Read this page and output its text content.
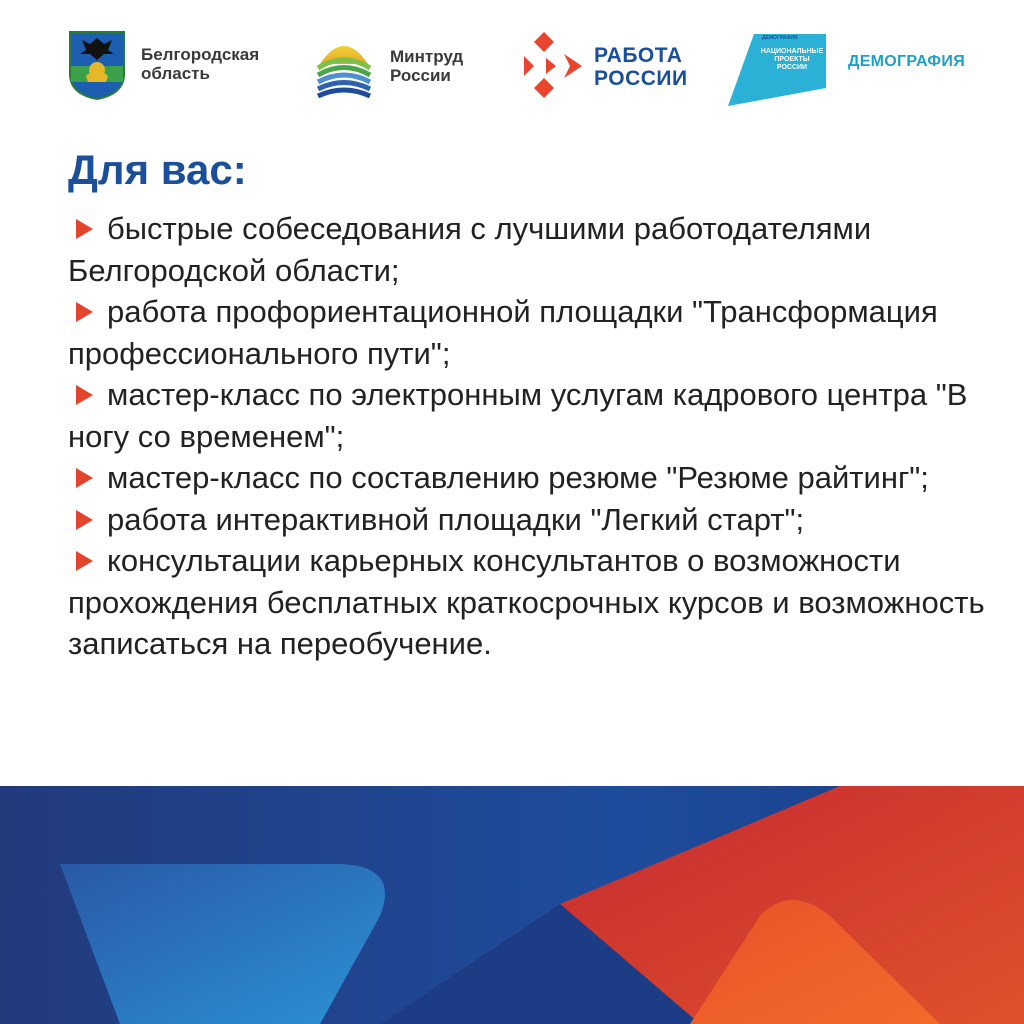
Белгородская
область
Минтруд
России
РАБОТА
РОССИИ
ДЕМОГРАФИЯ
НАЦИОНАЛЬНЫЕ
ПРОЕКТЫ
РОССИИ	ДЕМОГРАФИЯ
Для вас:
быстрые собеседования с лучшими работодателями Белгородской области;
работа профориентационной площадки "Трансформация профессионального пути";
мастер-класс по электронным услугам кадрового центра "В ногу со временем";
мастер-класс по составлению резюме "Резюме райтинг";
работа интерактивной площадки "Легкий старт";
консультации карьерных консультантов о возможности прохождения бесплатных краткосрочных курсов и возможность записаться на переобучение.
